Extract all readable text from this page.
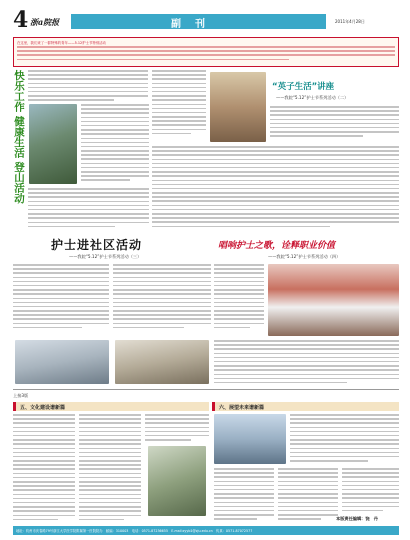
4 浙a院报	副　刊	2011年4月28日
在这里，我们来了一群特殊的青年——5.12护士节特别活动
快乐工作 健康生活 登山活动	“英子生活”讲座
——我院“5.12”护士节系列活动（二）
护士进社区活动
——我院“5.12”护士节系列活动（三）
唱响护士之歌，诠释职业价值
——我院“5.12”护士节系列活动（四）
上接3版
五、文化建设谱新篇	六、展望未来谱新篇
本版责任编辑：饶　丹
地址：杭州市庆春路79号浙江大学医学院附属第一医院院办　邮编：310003　电话：0571-87236655　E-mail:zyyb1@zju.edu.cn　传真：0571-87072577
